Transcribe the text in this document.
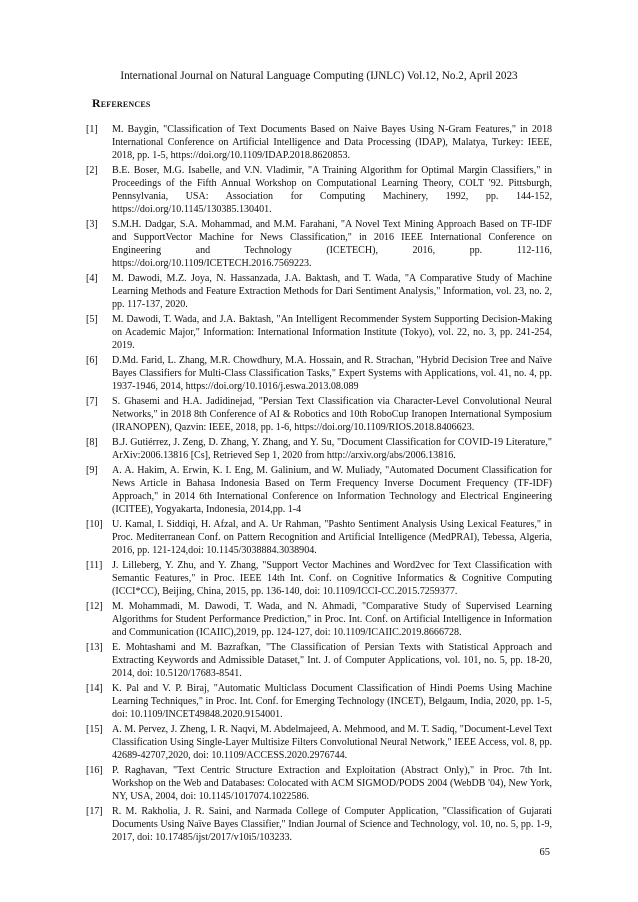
International Journal on Natural Language Computing (IJNLC) Vol.12, No.2, April 2023
References
[1]	M. Baygin, "Classification of Text Documents Based on Naive Bayes Using N-Gram Features," in 2018 International Conference on Artificial Intelligence and Data Processing (IDAP), Malatya, Turkey: IEEE, 2018, pp. 1-5, https://doi.org/10.1109/IDAP.2018.8620853.
[2]	B.E. Boser, M.G. Isabelle, and V.N. Vladimir, "A Training Algorithm for Optimal Margin Classifiers," in Proceedings of the Fifth Annual Workshop on Computational Learning Theory, COLT '92. Pittsburgh, Pennsylvania, USA: Association for Computing Machinery, 1992, pp. 144-152, https://doi.org/10.1145/130385.130401.
[3]	S.M.H. Dadgar, S.A. Mohammad, and M.M. Farahani, "A Novel Text Mining Approach Based on TF-IDF and SupportVector Machine for News Classification," in 2016 IEEE International Conference on Engineering and Technology (ICETECH), 2016, pp. 112-116, https://doi.org/10.1109/ICETECH.2016.7569223.
[4]	M. Dawodi, M.Z. Joya, N. Hassanzada, J.A. Baktash, and T. Wada, "A Comparative Study of Machine Learning Methods and Feature Extraction Methods for Dari Sentiment Analysis," Information, vol. 23, no. 2, pp. 117-137, 2020.
[5]	M. Dawodi, T. Wada, and J.A. Baktash, "An Intelligent Recommender System Supporting Decision-Making on Academic Major," Information: International Information Institute (Tokyo), vol. 22, no. 3, pp. 241-254, 2019.
[6]	D.Md. Farid, L. Zhang, M.R. Chowdhury, M.A. Hossain, and R. Strachan, "Hybrid Decision Tree and Naïve Bayes Classifiers for Multi-Class Classification Tasks," Expert Systems with Applications, vol. 41, no. 4, pp. 1937-1946, 2014, https://doi.org/10.1016/j.eswa.2013.08.089
[7]	S. Ghasemi and H.A. Jadidinejad, "Persian Text Classification via Character-Level Convolutional Neural Networks," in 2018 8th Conference of AI & Robotics and 10th RoboCup Iranopen International Symposium (IRANOPEN), Qazvin: IEEE, 2018, pp. 1-6, https://doi.org/10.1109/RIOS.2018.8406623.
[8]	B.J. Gutiérrez, J. Zeng, D. Zhang, Y. Zhang, and Y. Su, "Document Classification for COVID-19 Literature," ArXiv:2006.13816 [Cs], Retrieved Sep 1, 2020 from http://arxiv.org/abs/2006.13816.
[9]	A. A. Hakim, A. Erwin, K. I. Eng, M. Galinium, and W. Muliady, "Automated Document Classification for News Article in Bahasa Indonesia Based on Term Frequency Inverse Document Frequency (TF-IDF) Approach," in 2014 6th International Conference on Information Technology and Electrical Engineering (ICITEE), Yogyakarta, Indonesia, 2014,pp. 1-4
[10] U. Kamal, I. Siddiqi, H. Afzal, and A. Ur Rahman, "Pashto Sentiment Analysis Using Lexical Features," in Proc. Mediterranean Conf. on Pattern Recognition and Artificial Intelligence (MedPRAI), Tebessa, Algeria, 2016, pp. 121-124,doi: 10.1145/3038884.3038904.
[11] J. Lilleberg, Y. Zhu, and Y. Zhang, "Support Vector Machines and Word2vec for Text Classification with Semantic Features," in Proc. IEEE 14th Int. Conf. on Cognitive Informatics & Cognitive Computing (ICCI*CC), Beijing, China, 2015, pp. 136-140, doi: 10.1109/ICCI-CC.2015.7259377.
[12] M. Mohammadi, M. Dawodi, T. Wada, and N. Ahmadi, "Comparative Study of Supervised Learning Algorithms for Student Performance Prediction," in Proc. Int. Conf. on Artificial Intelligence in Information and Communication (ICAIIC),2019, pp. 124-127, doi: 10.1109/ICAIIC.2019.8666728.
[13] E. Mohtashami and M. Bazrafkan, "The Classification of Persian Texts with Statistical Approach and Extracting Keywords and Admissible Dataset," Int. J. of Computer Applications, vol. 101, no. 5, pp. 18-20, 2014, doi: 10.5120/17683-8541.
[14] K. Pal and V. P. Biraj, "Automatic Multiclass Document Classification of Hindi Poems Using Machine Learning Techniques," in Proc. Int. Conf. for Emerging Technology (INCET), Belgaum, India, 2020, pp. 1-5, doi: 10.1109/INCET49848.2020.9154001.
[15] A. M. Pervez, J. Zheng, I. R. Naqvi, M. Abdelmajeed, A. Mehmood, and M. T. Sadiq, "Document-Level Text Classification Using Single-Layer Multisize Filters Convolutional Neural Network," IEEE Access, vol. 8, pp. 42689-42707,2020, doi: 10.1109/ACCESS.2020.2976744.
[16] P. Raghavan, "Text Centric Structure Extraction and Exploitation (Abstract Only)," in Proc. 7th Int. Workshop on the Web and Databases: Colocated with ACM SIGMOD/PODS 2004 (WebDB '04), New York, NY, USA, 2004, doi: 10.1145/1017074.1022586.
[17] R. M. Rakholia, J. R. Saini, and Narmada College of Computer Application, "Classification of Gujarati Documents Using Naïve Bayes Classifier," Indian Journal of Science and Technology, vol. 10, no. 5, pp. 1-9, 2017, doi: 10.17485/ijst/2017/v10i5/103233.
65
